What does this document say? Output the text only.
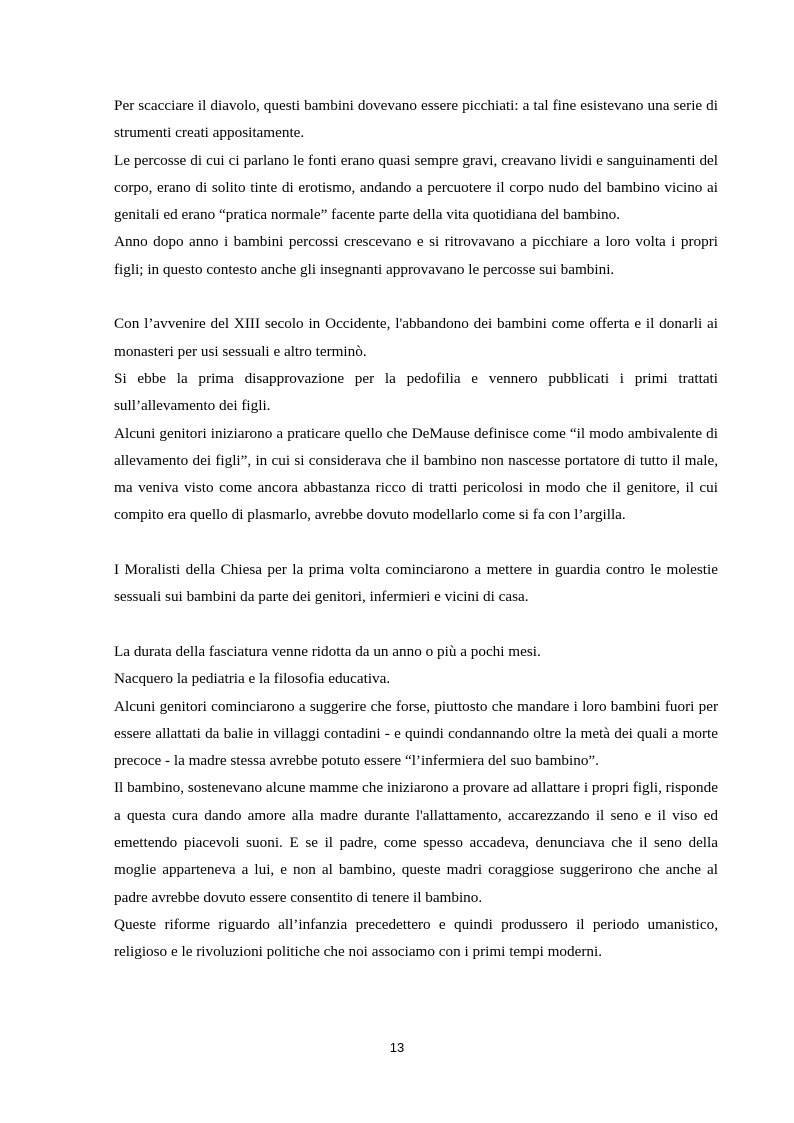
Per scacciare il diavolo, questi bambini dovevano essere picchiati: a tal fine esistevano una serie di strumenti creati appositamente.

Le percosse di cui ci parlano le fonti erano quasi sempre gravi, creavano lividi e sanguinamenti del corpo, erano di solito tinte di erotismo, andando a percuotere il corpo nudo del bambino vicino ai genitali ed erano “pratica normale” facente parte della vita quotidiana del bambino.

Anno dopo anno i bambini percossi crescevano e si ritrovavano a picchiare a loro volta i propri figli; in questo contesto anche gli insegnanti approvavano le percosse sui bambini.

Con l’avvenire del XIII secolo in Occidente, l'abbandono dei bambini come offerta e il donarli ai monasteri per usi sessuali e altro terminò.

Si ebbe la prima disapprovazione per la pedofilia e vennero pubblicati i primi trattati sull’allevamento dei figli.

Alcuni genitori iniziarono a praticare quello che DeMause definisce come “il modo ambivalente di allevamento dei figli”, in cui si considerava che il bambino non nascesse portatore di tutto il male, ma veniva visto come ancora abbastanza ricco di tratti pericolosi in modo che il genitore, il cui compito era quello di plasmarlo, avrebbe dovuto modellarlo come si fa con l’argilla.

I Moralisti della Chiesa per la prima volta cominciarono a mettere in guardia contro le molestie sessuali sui bambini da parte dei genitori, infermieri e vicini di casa.

La durata della fasciatura venne ridotta da un anno o più a pochi mesi.

Nacquero la pediatria e la filosofia educativa.

Alcuni genitori cominciarono a suggerire che forse, piuttosto che mandare i loro bambini fuori per essere allattati da balie in villaggi contadini - e quindi condannando oltre la metà dei quali a morte precoce - la madre stessa avrebbe potuto essere “l’infermiera del suo bambino”.

Il bambino, sostenevano alcune mamme che iniziarono a provare ad allattare i propri figli, risponde a questa cura dando amore alla madre durante l'allattamento, accarezzando il seno e il viso ed emettendo piacevoli suoni. E se il padre, come spesso accadeva, denunciava che il seno della moglie apparteneva a lui, e non al bambino, queste madri coraggiose suggerirono che anche al padre avrebbe dovuto essere consentito di tenere il bambino.

Queste riforme riguardo all’infanzia precedettero e quindi produssero il periodo umanistico, religioso e le rivoluzioni politiche che noi associamo con i primi tempi moderni.

13
